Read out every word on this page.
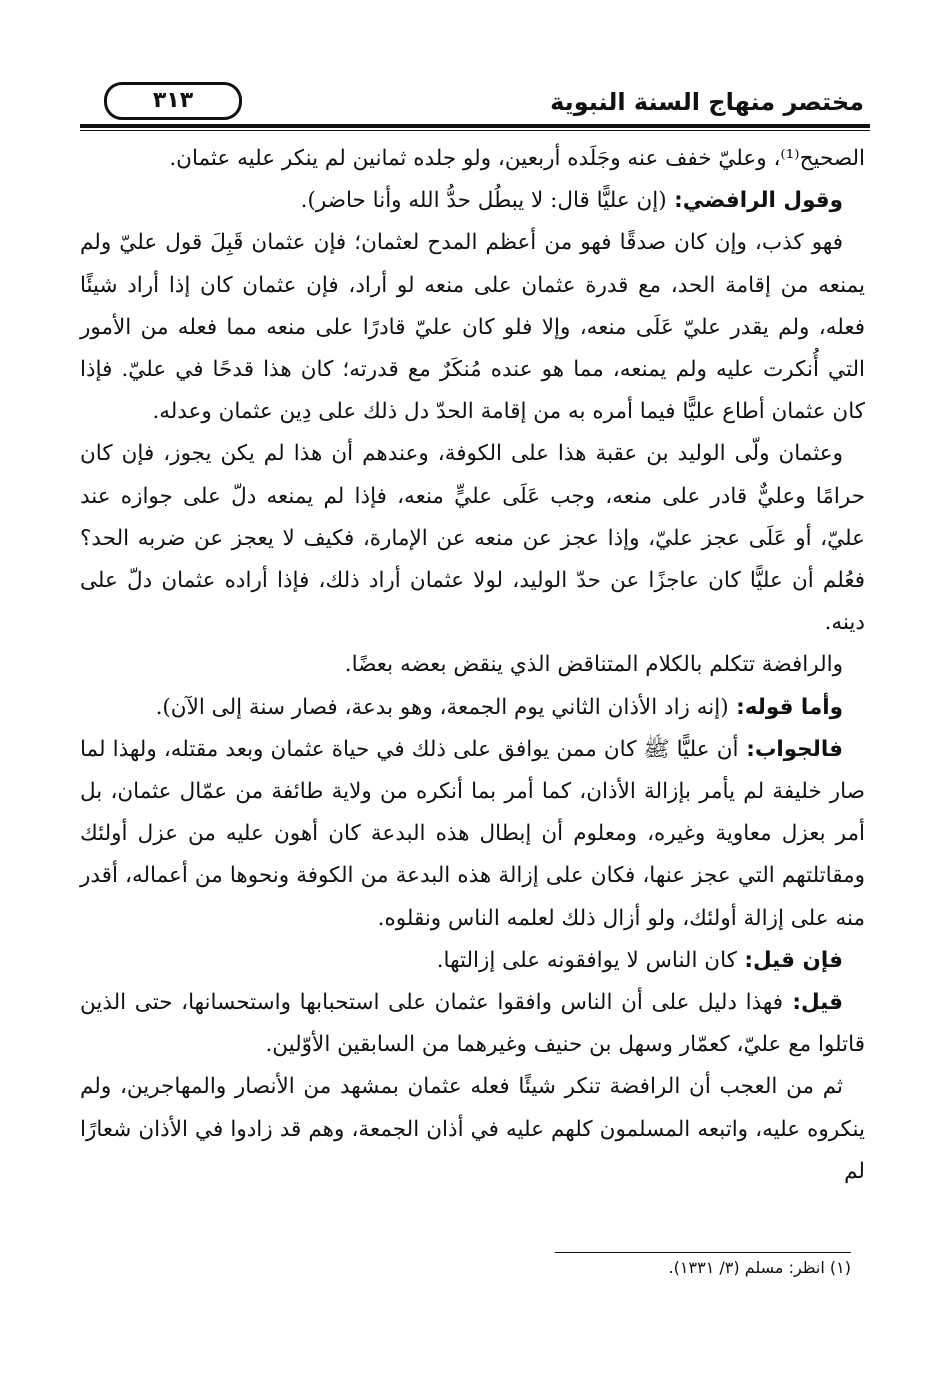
مختصر منهاج السنة النبوية
٣١٣

الصحيح⁽¹⁾، وعليّ خفف عنه وجَلَده أربعين، ولو جلده ثمانين لم ينكر عليه عثمان.

وقول الرافضي: (إن عليًّا قال: لا يبطُل حدُّ الله وأنا حاضر).

فهو كذب، وإن كان صدقًا فهو من أعظم المدح لعثمان؛ فإن عثمان قَبِلَ قول عليّ ولم يمنعه من إقامة الحد، مع قدرة عثمان على منعه لو أراد، فإن عثمان كان إذا أراد شيئًا فعله، ولم يقدر عليّ عَلَى منعه، وإلا فلو كان عليّ قادرًا على منعه مما فعله من الأمور التي أُنكرت عليه ولم يمنعه، مما هو عنده مُنكَرٌ مع قدرته؛ كان هذا قدحًا في عليّ. فإذا كان عثمان أطاع عليًّا فيما أمره به من إقامة الحدّ دل ذلك على دِين عثمان وعدله.

وعثمان ولّى الوليد بن عقبة هذا على الكوفة، وعندهم أن هذا لم يكن يجوز، فإن كان حرامًا وعليٌّ قادر على منعه، وجب عَلَى عليٍّ منعه، فإذا لم يمنعه دلّ على جوازه عند عليّ، أو عَلَى عجز عليّ، وإذا عجز عن منعه عن الإمارة، فكيف لا يعجز عن ضربه الحد؟ فعُلم أن عليًّا كان عاجزًا عن حدّ الوليد، لولا عثمان أراد ذلك، فإذا أراده عثمان دلّ على دينه.

والرافضة تتكلم بالكلام المتناقض الذي ينقض بعضه بعضًا.

وأما قوله: (إنه زاد الأذان الثاني يوم الجمعة، وهو بدعة، فصار سنة إلى الآن).

فالجواب: أن عليًّا ﷺ كان ممن يوافق على ذلك في حياة عثمان وبعد مقتله، ولهذا لما صار خليفة لم يأمر بإزالة الأذان، كما أمر بما أنكره من ولاية طائفة من عمّال عثمان، بل أمر بعزل معاوية وغيره، ومعلوم أن إبطال هذه البدعة كان أهون عليه من عزل أولئك ومقاتلتهم التي عجز عنها، فكان على إزالة هذه البدعة من الكوفة ونحوها من أعماله، أقدر منه على إزالة أولئك، ولو أزال ذلك لعلمه الناس ونقلوه.

فإن قيل: كان الناس لا يوافقونه على إزالتها.

قيل: فهذا دليل على أن الناس وافقوا عثمان على استحبابها واستحسانها، حتى الذين قاتلوا مع عليّ، كعمّار وسهل بن حنيف وغيرهما من السابقين الأوّلين.

ثم من العجب أن الرافضة تنكر شيئًا فعله عثمان بمشهد من الأنصار والمهاجرين، ولم ينكروه عليه، واتبعه المسلمون كلهم عليه في أذان الجمعة، وهم قد زادوا في الأذان شعارًا لم

(١) انظر: مسلم (٣/ ١٣٣١).
